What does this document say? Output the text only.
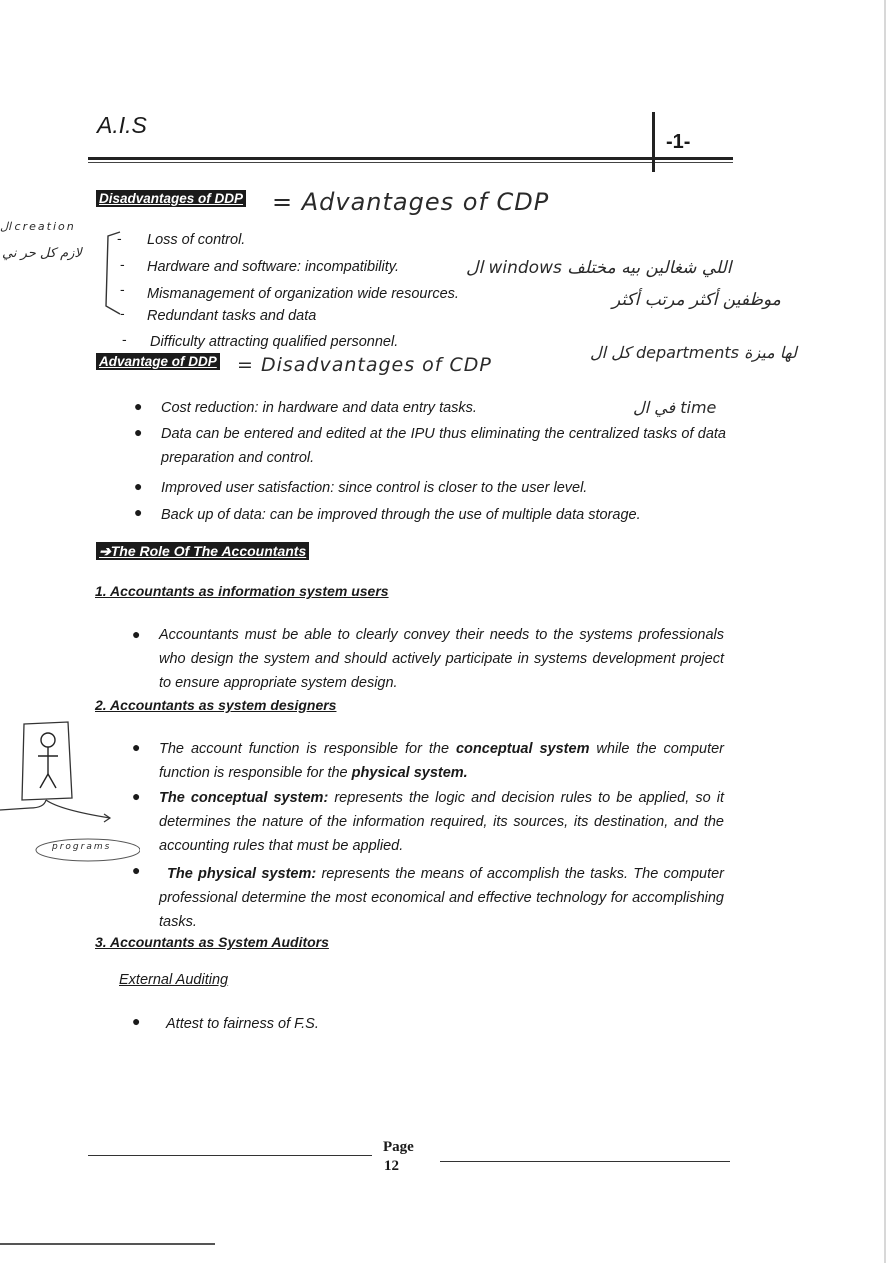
A.I.S
-1-
Disadvantages of DDP = Advantages of CDP
- Loss of control.
- Hardware and software: incompatibility.
- Mismanagement of organization wide resources.
- Redundant tasks and data
- Difficulty attracting qualified personnel.
ال creation
لازم كل حر ني
ال windows اللي شغالين بيه مختلف
موظفين أكثر مرتب أكثر
كل ال departments لها ميزة
في ال time
Advantage of DDP = Disadvantages of CDP
● Cost reduction: in hardware and data entry tasks.
● Data can be entered and edited at the IPU thus eliminating the centralized tasks of data preparation and control.
● Improved user satisfaction: since control is closer to the user level.
● Back up of data: can be improved through the use of multiple data storage.
➔The Role Of The Accountants
1. Accountants as information system users
● Accountants must be able to clearly convey their needs to the systems professionals who design the system and should actively participate in systems development project to ensure appropriate system design.
2. Accountants as system designers
● The account function is responsible for the conceptual system while the computer function is responsible for the physical system.
● The conceptual system: represents the logic and decision rules to be applied, so it determines the nature of the information required, its sources, its destination, and the accounting rules that must be applied.
●	The physical system: represents the means of accomplish the tasks. The computer professional determine the most economical and effective technology for accomplishing tasks.
programs
3. Accountants as System Auditors
External Auditing
● Attest to fairness of F.S.
Page
12
